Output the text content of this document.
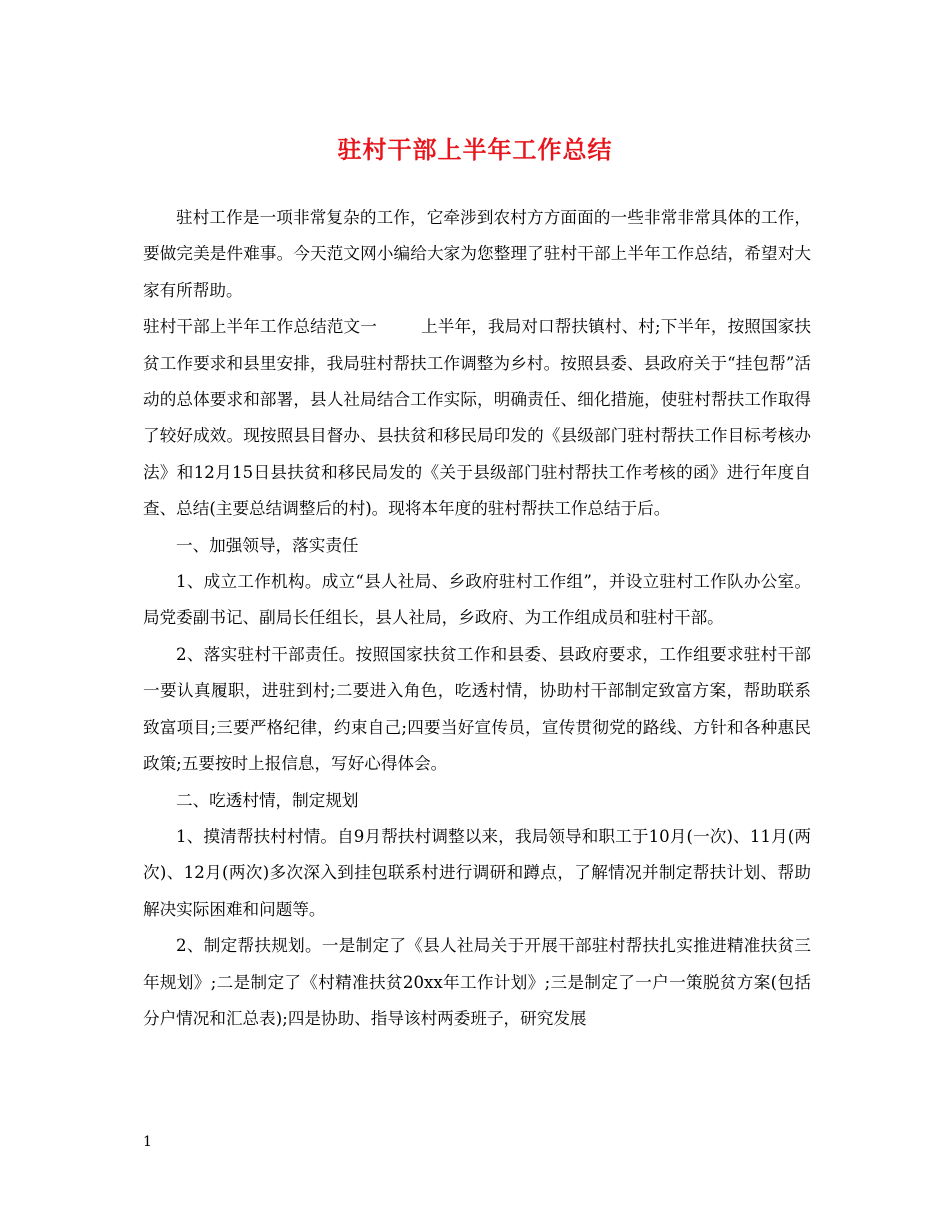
驻村干部上半年工作总结

驻村工作是一项非常复杂的工作，它牵涉到农村方方面面的一些非常非常具体的工作，要做完美是件难事。今天范文网小编给大家为您整理了驻村干部上半年工作总结，希望对大家有所帮助。

驻村干部上半年工作总结范文一	上半年，我局对口帮扶镇村、村;下半年，按照国家扶贫工作要求和县里安排，我局驻村帮扶工作调整为乡村。按照县委、县政府关于“挂包帮”活动的总体要求和部署，县人社局结合工作实际，明确责任、细化措施，使驻村帮扶工作取得了较好成效。现按照县目督办、县扶贫和移民局印发的《县级部门驻村帮扶工作目标考核办法》和12月15日县扶贫和移民局发的《关于县级部门驻村帮扶工作考核的函》进行年度自查、总结(主要总结调整后的村)。现将本年度的驻村帮扶工作总结于后。

一、加强领导，落实责任

1、成立工作机构。成立“县人社局、乡政府驻村工作组”，并设立驻村工作队办公室。局党委副书记、副局长任组长，县人社局，乡政府、为工作组成员和驻村干部。

2、落实驻村干部责任。按照国家扶贫工作和县委、县政府要求，工作组要求驻村干部一要认真履职，进驻到村;二要进入角色，吃透村情，协助村干部制定致富方案，帮助联系致富项目;三要严格纪律，约束自己;四要当好宣传员，宣传贯彻党的路线、方针和各种惠民政策;五要按时上报信息，写好心得体会。

二、吃透村情，制定规划

1、摸清帮扶村村情。自9月帮扶村调整以来，我局领导和职工于10月(一次)、11月(两次)、12月(两次)多次深入到挂包联系村进行调研和蹲点，了解情况并制定帮扶计划、帮助解决实际困难和问题等。

2、制定帮扶规划。一是制定了《县人社局关于开展干部驻村帮扶扎实推进精准扶贫三年规划》;二是制定了《村精准扶贫20xx年工作计划》;三是制定了一户一策脱贫方案(包括分户情况和汇总表);四是协助、指导该村两委班子，研究发展

1
